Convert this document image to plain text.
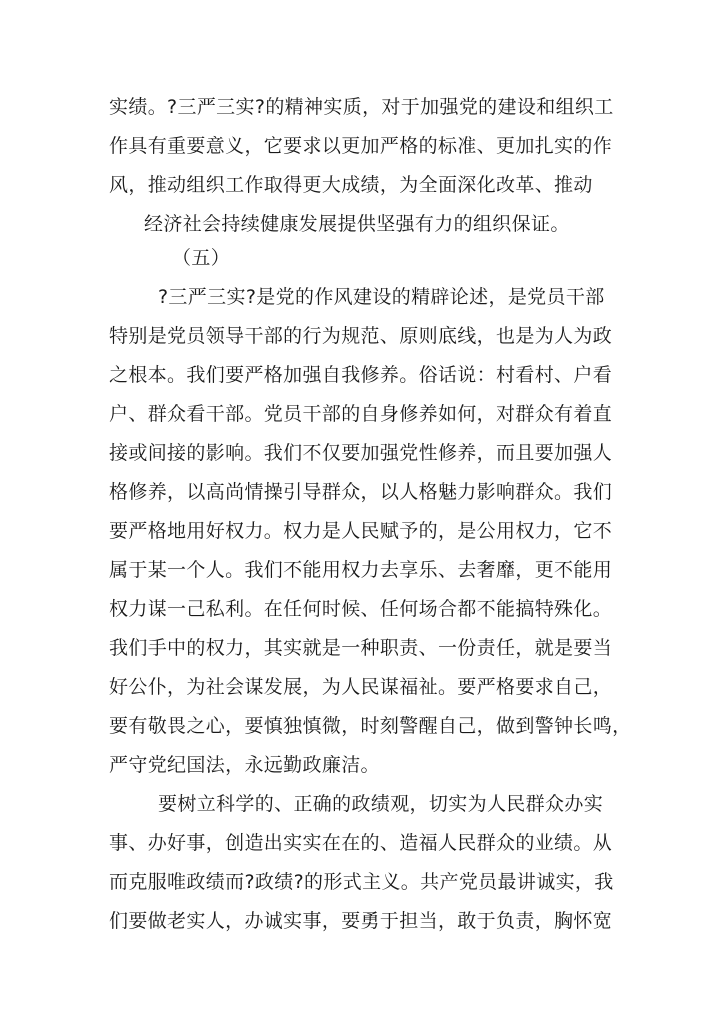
实绩。?三严三实?的精神实质，对于加强党的建设和组织工
作具有重要意义，它要求以更加严格的标准、更加扎实的作
风，推动组织工作取得更大成绩，为全面深化改革、推动
经济社会持续健康发展提供坚强有力的组织保证。
（五）
?三严三实?是党的作风建设的精辟论述，是党员干部
特别是党员领导干部的行为规范、原则底线，也是为人为政
之根本。我们要严格加强自我修养。俗话说：村看村、户看
户、群众看干部。党员干部的自身修养如何，对群众有着直
接或间接的影响。我们不仅要加强党性修养，而且要加强人
格修养，以高尚情操引导群众，以人格魅力影响群众。我们
要严格地用好权力。权力是人民赋予的，是公用权力，它不
属于某一个人。我们不能用权力去享乐、去奢靡，更不能用
权力谋一己私利。在任何时候、任何场合都不能搞特殊化。
我们手中的权力，其实就是一种职责、一份责任，就是要当
好公仆，为社会谋发展，为人民谋福祉。要严格要求自己，
要有敬畏之心，要慎独慎微，时刻警醒自己，做到警钟长鸣，
严守党纪国法，永远勤政廉洁。
要树立科学的、正确的政绩观，切实为人民群众办实
事、办好事，创造出实实在在的、造福人民群众的业绩。从
而克服唯政绩而?政绩?的形式主义。共产党员最讲诚实，我
们要做老实人，办诚实事，要勇于担当，敢于负责，胸怀宽
